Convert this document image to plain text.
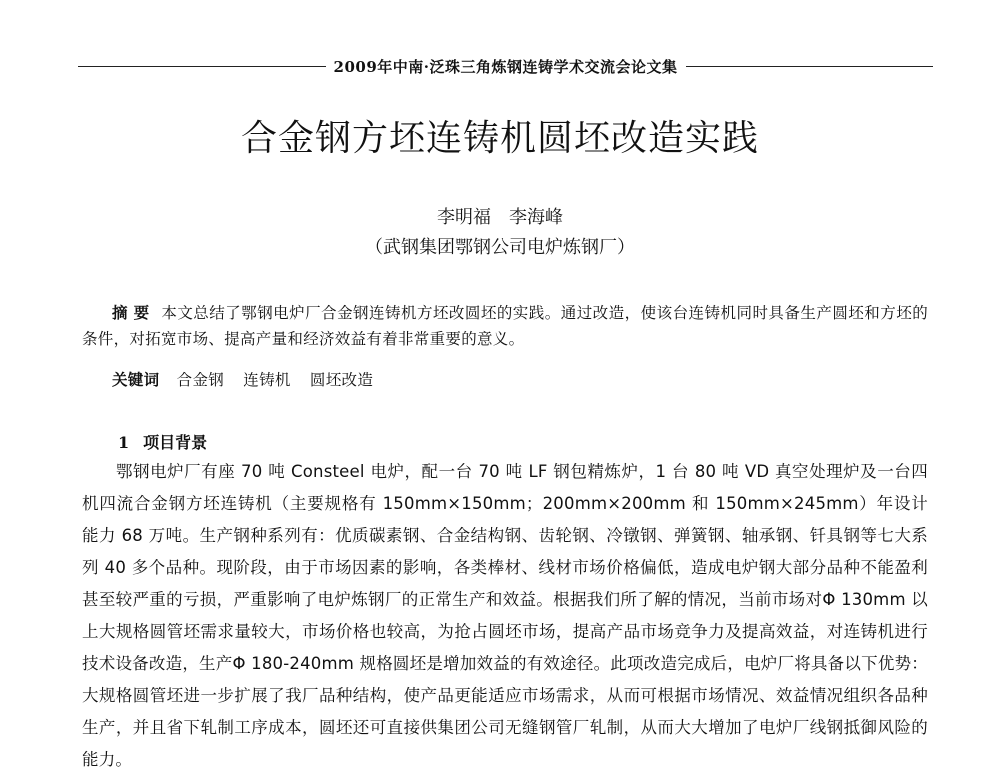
2009年中南·泛珠三角炼钢连铸学术交流会论文集
合金钢方坯连铸机圆坯改造实践
李明福　李海峰
（武钢集团鄂钢公司电炉炼钢厂）
摘要 本文总结了鄂钢电炉厂合金钢连铸机方坯改圆坯的实践。通过改造，使该台连铸机同时具备生产圆坯和方坯的条件，对拓宽市场、提高产量和经济效益有着非常重要的意义。
关键词 合金钢 连铸机 圆坯改造
1 项目背景
鄂钢电炉厂有座 70 吨 Consteel 电炉，配一台 70 吨 LF 钢包精炼炉，1 台 80 吨 VD 真空处理炉及一台四机四流合金钢方坯连铸机（主要规格有 150mm×150mm；200mm×200mm 和 150mm×245mm）年设计能力 68 万吨。生产钢种系列有：优质碳素钢、合金结构钢、齿轮钢、冷镦钢、弹簧钢、轴承钢、钎具钢等七大系列 40 多个品种。现阶段，由于市场因素的影响，各类棒材、线材市场价格偏低，造成电炉钢大部分品种不能盈利甚至较严重的亏损，严重影响了电炉炼钢厂的正常生产和效益。根据我们所了解的情况，当前市场对Φ 130mm 以上大规格圆管坯需求量较大，市场价格也较高，为抢占圆坯市场，提高产品市场竞争力及提高效益，对连铸机进行技术设备改造，生产Φ 180-240mm 规格圆坯是增加效益的有效途径。此项改造完成后，电炉厂将具备以下优势：大规格圆管坯进一步扩展了我厂品种结构，使产品更能适应市场需求，从而可根据市场情况、效益情况组织各品种生产，并且省下轧制工序成本，圆坯还可直接供集团公司无缝钢管厂轧制，从而大大增加了电炉厂线钢抵御风险的能力。
